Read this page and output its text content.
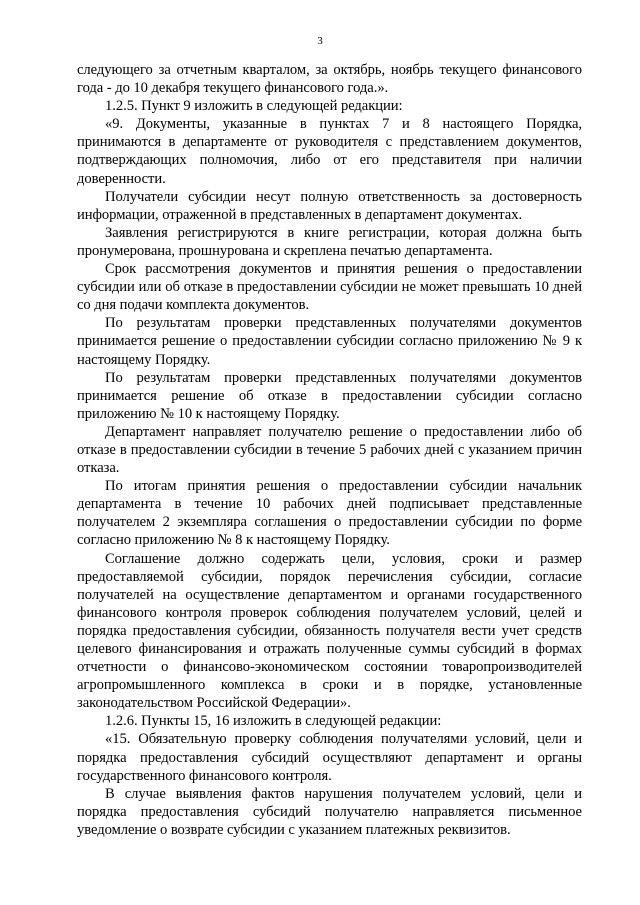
3

следующего за отчетным кварталом, за октябрь, ноябрь текущего финансового года - до 10 декабря текущего финансового года.».

1.2.5. Пункт 9 изложить в следующей редакции:

«9. Документы, указанные в пунктах 7 и 8 настоящего Порядка, принимаются в департаменте от руководителя с представлением документов, подтверждающих полномочия, либо от его представителя при наличии доверенности.

Получатели субсидии несут полную ответственность за достоверность информации, отраженной в представленных в департамент документах.

Заявления регистрируются в книге регистрации, которая должна быть пронумерована, прошнурована и скреплена печатью департамента.

Срок рассмотрения документов и принятия решения о предоставлении субсидии или об отказе в предоставлении субсидии не может превышать 10 дней со дня подачи комплекта документов.

По результатам проверки представленных получателями документов принимается решение о предоставлении субсидии согласно приложению № 9 к настоящему Порядку.

По результатам проверки представленных получателями документов принимается решение об отказе в предоставлении субсидии согласно приложению № 10 к настоящему Порядку.

Департамент направляет получателю решение о предоставлении либо об отказе в предоставлении субсидии в течение 5 рабочих дней с указанием причин отказа.

По итогам принятия решения о предоставлении субсидии начальник департамента в течение 10 рабочих дней подписывает представленные получателем 2 экземпляра соглашения о предоставлении субсидии по форме согласно приложению № 8 к настоящему Порядку.

Соглашение должно содержать цели, условия, сроки и размер предоставляемой субсидии, порядок перечисления субсидии, согласие получателей на осуществление департаментом и органами государственного финансового контроля проверок соблюдения получателем условий, целей и порядка предоставления субсидии, обязанность получателя вести учет средств целевого финансирования и отражать полученные суммы субсидий в формах отчетности о финансово-экономическом состоянии товаропроизводителей агропромышленного комплекса в сроки и в порядке, установленные законодательством Российской Федерации».

1.2.6. Пункты 15, 16 изложить в следующей редакции:

«15. Обязательную проверку соблюдения получателями условий, цели и порядка предоставления субсидий осуществляют департамент и органы государственного финансового контроля.

В случае выявления фактов нарушения получателем условий, цели и порядка предоставления субсидий получателю направляется письменное уведомление о возврате субсидии с указанием платежных реквизитов.
